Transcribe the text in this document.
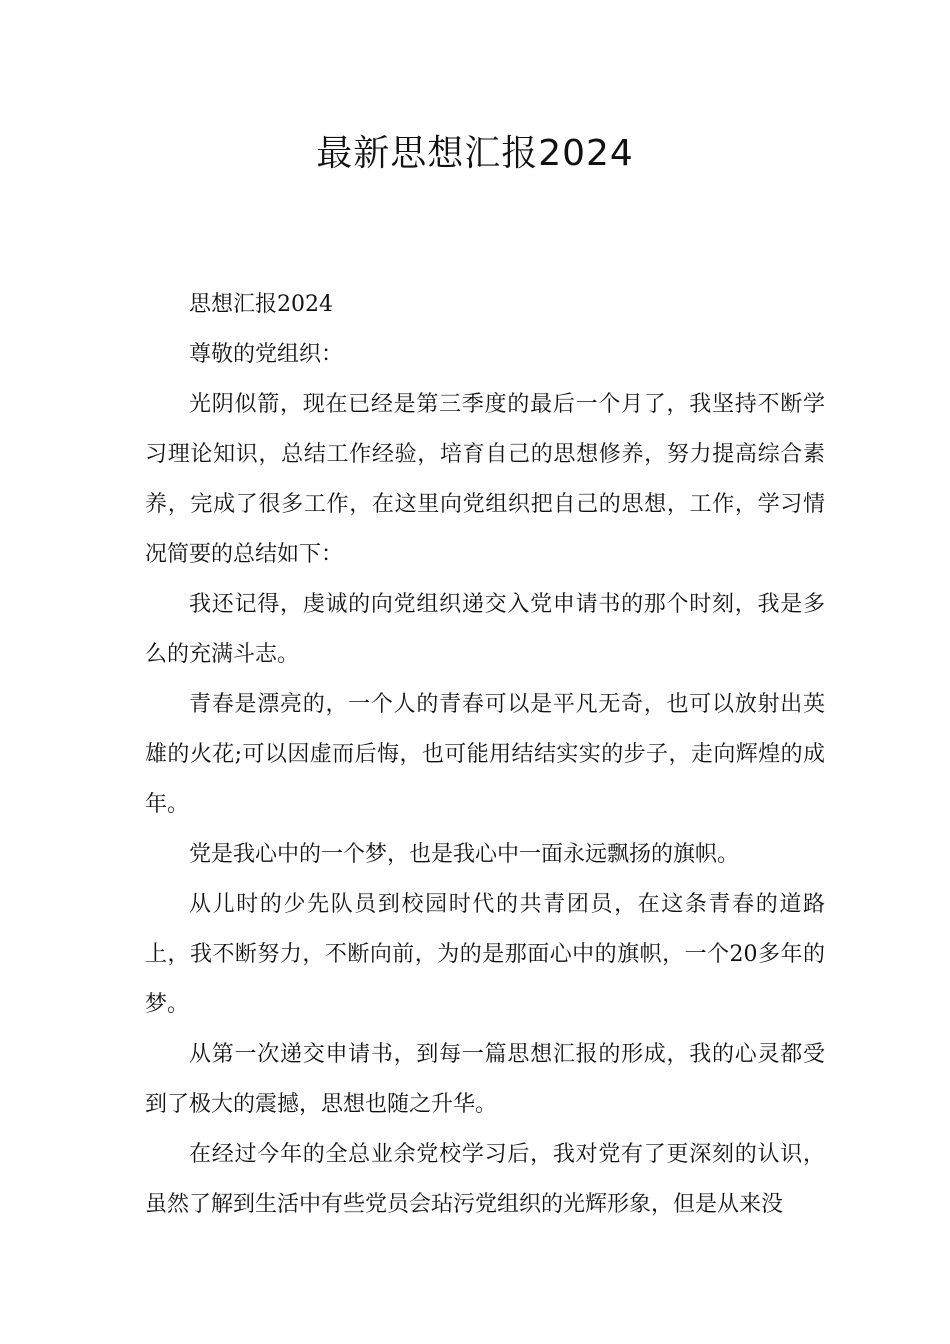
最新思想汇报2024

思想汇报2024

尊敬的党组织：

光阴似箭，现在已经是第三季度的最后一个月了，我坚持不断学习理论知识，总结工作经验，培育自己的思想修养，努力提高综合素养，完成了很多工作，在这里向党组织把自己的思想，工作，学习情况简要的总结如下：

我还记得，虔诚的向党组织递交入党申请书的那个时刻，我是多么的充满斗志。

青春是漂亮的，一个人的青春可以是平凡无奇，也可以放射出英雄的火花;可以因虚而后悔，也可能用结结实实的步子，走向辉煌的成年。

党是我心中的一个梦，也是我心中一面永远飘扬的旗帜。

从儿时的少先队员到校园时代的共青团员，在这条青春的道路上，我不断努力，不断向前，为的是那面心中的旗帜，一个20多年的梦。

从第一次递交申请书，到每一篇思想汇报的形成，我的心灵都受到了极大的震撼，思想也随之升华。

在经过今年的全总业余党校学习后，我对党有了更深刻的认识，虽然了解到生活中有些党员会玷污党组织的光辉形象，但是从来没
